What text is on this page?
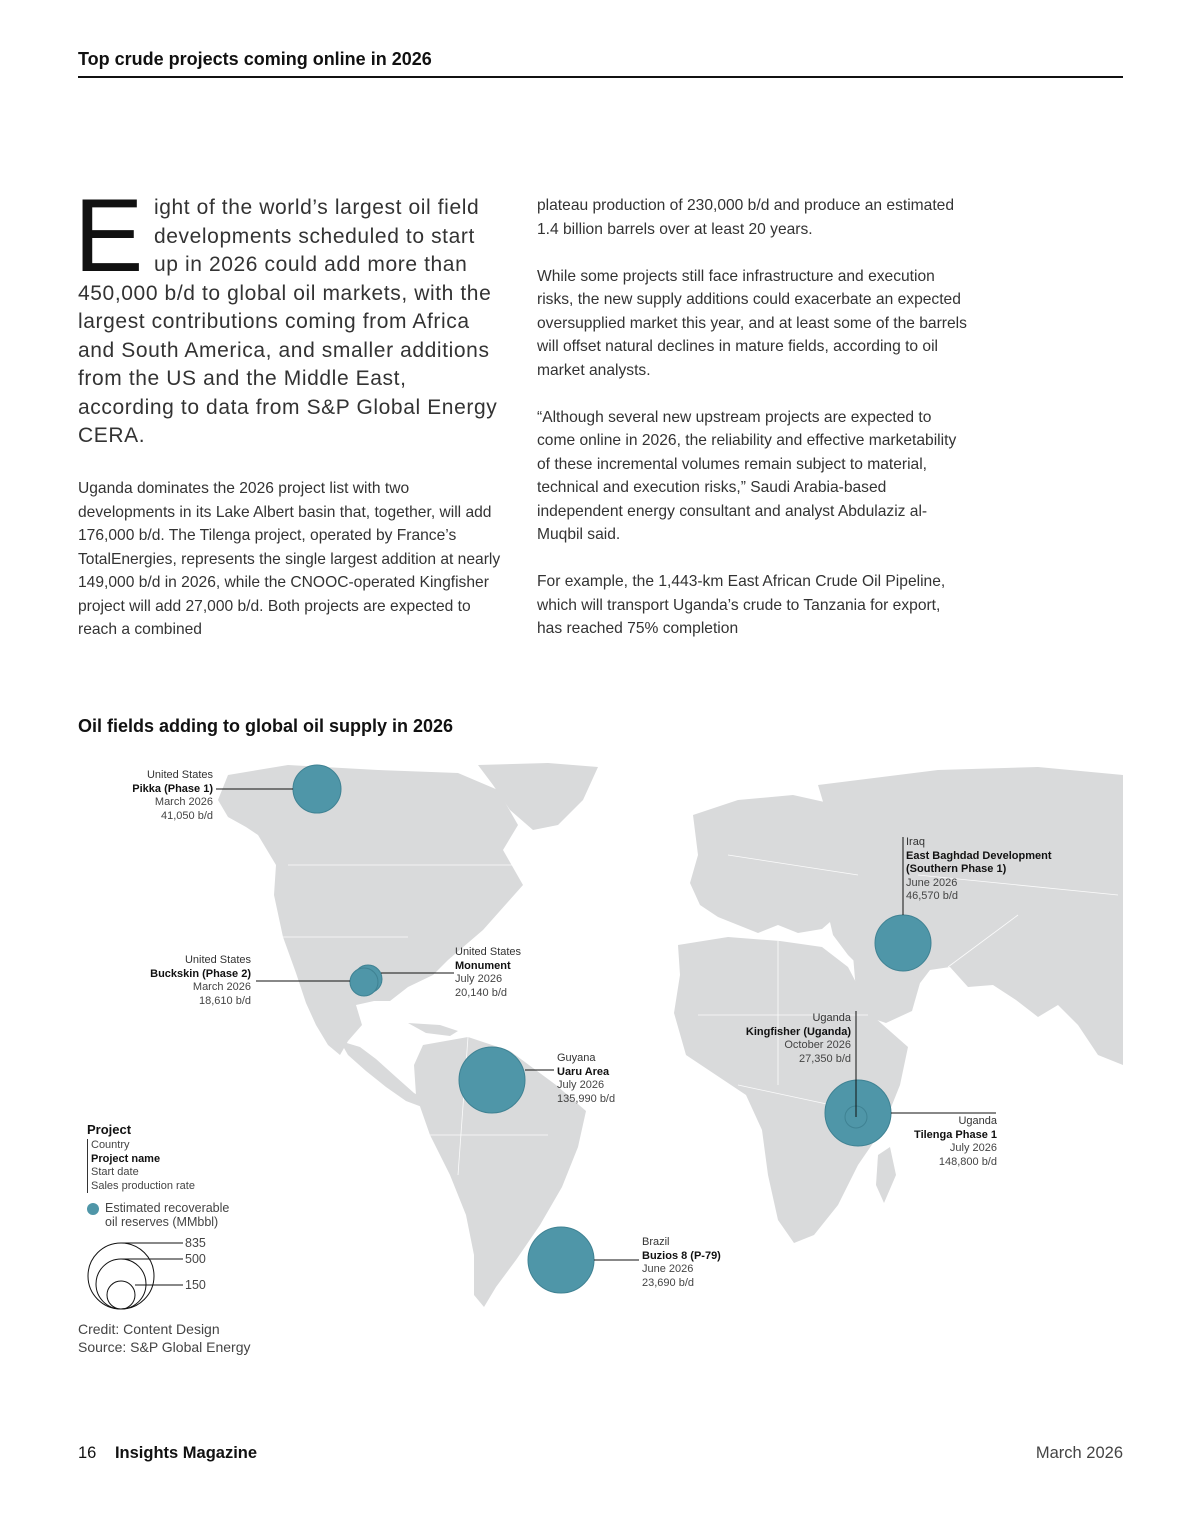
Top crude projects coming online in 2026
E ight of the world’s largest oil field developments scheduled to start up in 2026 could add more than 450,000 b/d to global oil markets, with the largest contributions coming from Africa and South America, and smaller additions from the US and the Middle East, according to data from S&P Global Energy CERA.
Uganda dominates the 2026 project list with two developments in its Lake Albert basin that, together, will add 176,000 b/d. The Tilenga project, operated by France’s TotalEnergies, represents the single largest addition at nearly 149,000 b/d in 2026, while the CNOOC-operated Kingfisher project will add 27,000 b/d. Both projects are expected to reach a combined

plateau production of 230,000 b/d and produce an estimated 1.4 billion barrels over at least 20 years.

While some projects still face infrastructure and execution risks, the new supply additions could exacerbate an expected oversupplied market this year, and at least some of the barrels will offset natural declines in mature fields, according to oil market analysts.

“Although several new upstream projects are expected to come online in 2026, the reliability and effective marketability of these incremental volumes remain subject to material, technical and execution risks,” Saudi Arabia-based independent energy consultant and analyst Abdulaziz al-Muqbil said.

For example, the 1,443-km East African Crude Oil Pipeline, which will transport Uganda’s crude to Tanzania for export, has reached 75% completion

Oil fields adding to global oil supply in 2026
United States
Pikka (Phase 1)
March 2026
41,050 b/d
United States
Buckskin (Phase 2)
March 2026
18,610 b/d
United States
Monument
July 2026
20,140 b/d
Guyana
Uaru Area
July 2026
135,990 b/d
Brazil
Buzios 8 (P-79)
June 2026
23,690 b/d
Iraq
East Baghdad Development
(Southern Phase 1)
June 2026
46,570 b/d
Uganda
Kingfisher (Uganda)
October 2026
27,350 b/d
Uganda
Tilenga Phase 1
July 2026
148,800 b/d
Project
Country
Project name
Start date
Sales production rate
Estimated recoverable
oil reserves (MMbbl)
835
500
150
Credit: Content Design
Source: S&P Global Energy
16 Insights Magazine	March 2026
